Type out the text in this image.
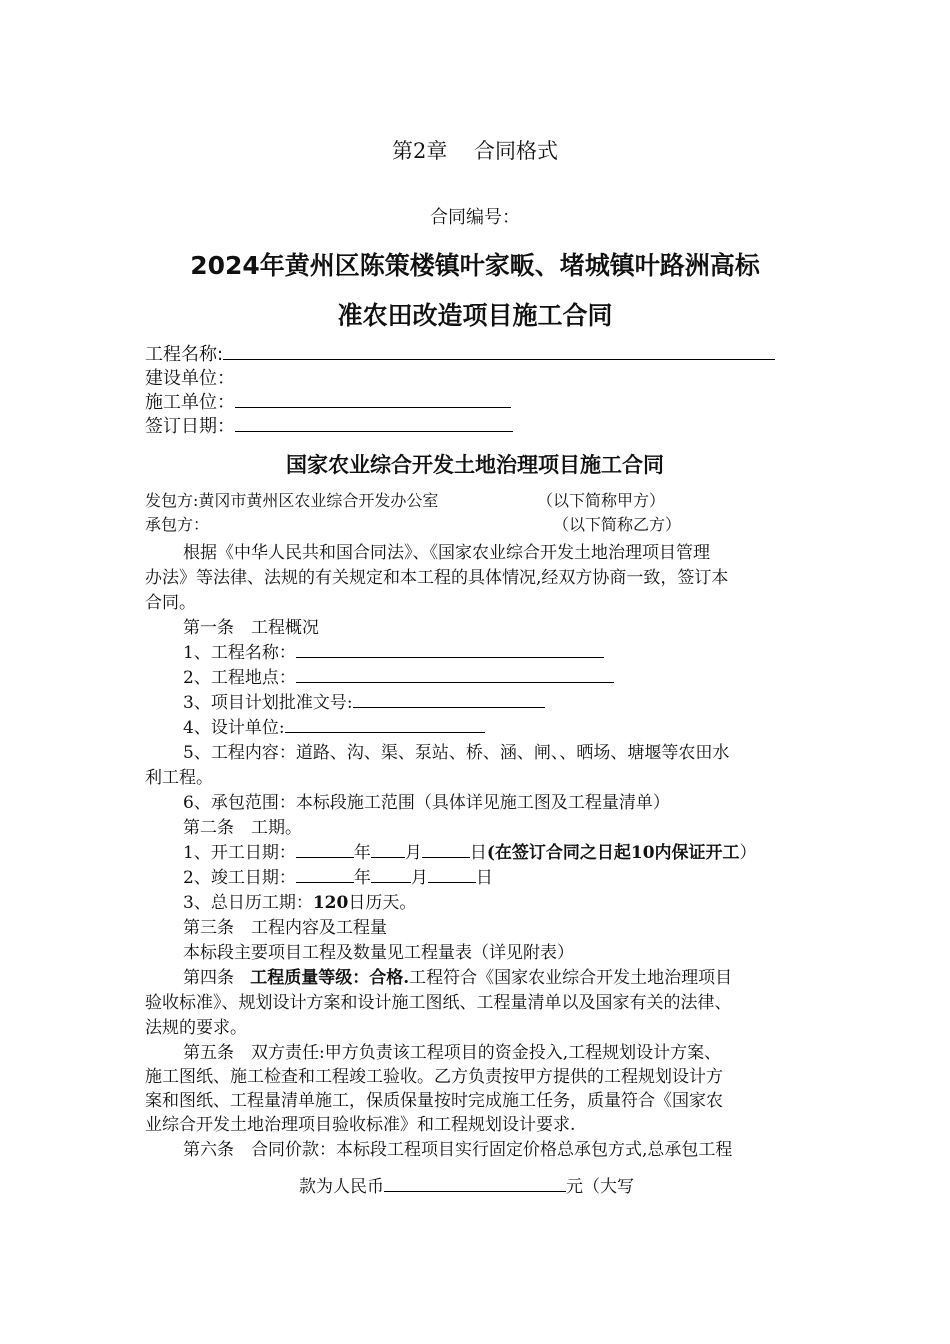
第2章 合同格式
合同编号：
2024年黄州区陈策楼镇叶家畈、堵城镇叶路洲高标
准农田改造项目施工合同
工程名称:
建设单位：
施工单位：
签订日期：
国家农业综合开发土地治理项目施工合同
发包方:黄冈市黄州区农业综合开发办公室	（以下简称甲方）
承包方：	（以下简称乙方）
根据《中华人民共和国合同法》、《国家农业综合开发土地治理项目管理
办法》等法律、法规的有关规定和本工程的具体情况,经双方协商一致，签订本
合同。
第一条　工程概况
1、工程名称：
2、工程地点：
3、项目计划批准文号:
4、设计单位:
5、工程内容：道路、沟、渠、泵站、桥、涵、闸、、晒场、塘堰等农田水
利工程。
6、承包范围：本标段施工范围（具体详见施工图及工程量清单）
第二条　工期。
1、开工日期：	年 月	日(在签订合同之日起10内保证开工）
2、竣工日期：	年 月	日
3、总日历工期：120日历天。
第三条　工程内容及工程量
本标段主要项目工程及数量见工程量表（详见附表）
第四条 工程质量等级：合格.工程符合《国家农业综合开发土地治理项目
验收标准》、规划设计方案和设计施工图纸、工程量清单以及国家有关的法律、
法规的要求。
第五条　双方责任:甲方负责该工程项目的资金投入,工程规划设计方案、
施工图纸、施工检查和工程竣工验收。乙方负责按甲方提供的工程规划设计方
案和图纸、工程量清单施工，保质保量按时完成施工任务，质量符合《国家农
业综合开发土地治理项目验收标准》和工程规划设计要求.
第六条　合同价款：本标段工程项目实行固定价格总承包方式,总承包工程
款为人民币	元（大写
